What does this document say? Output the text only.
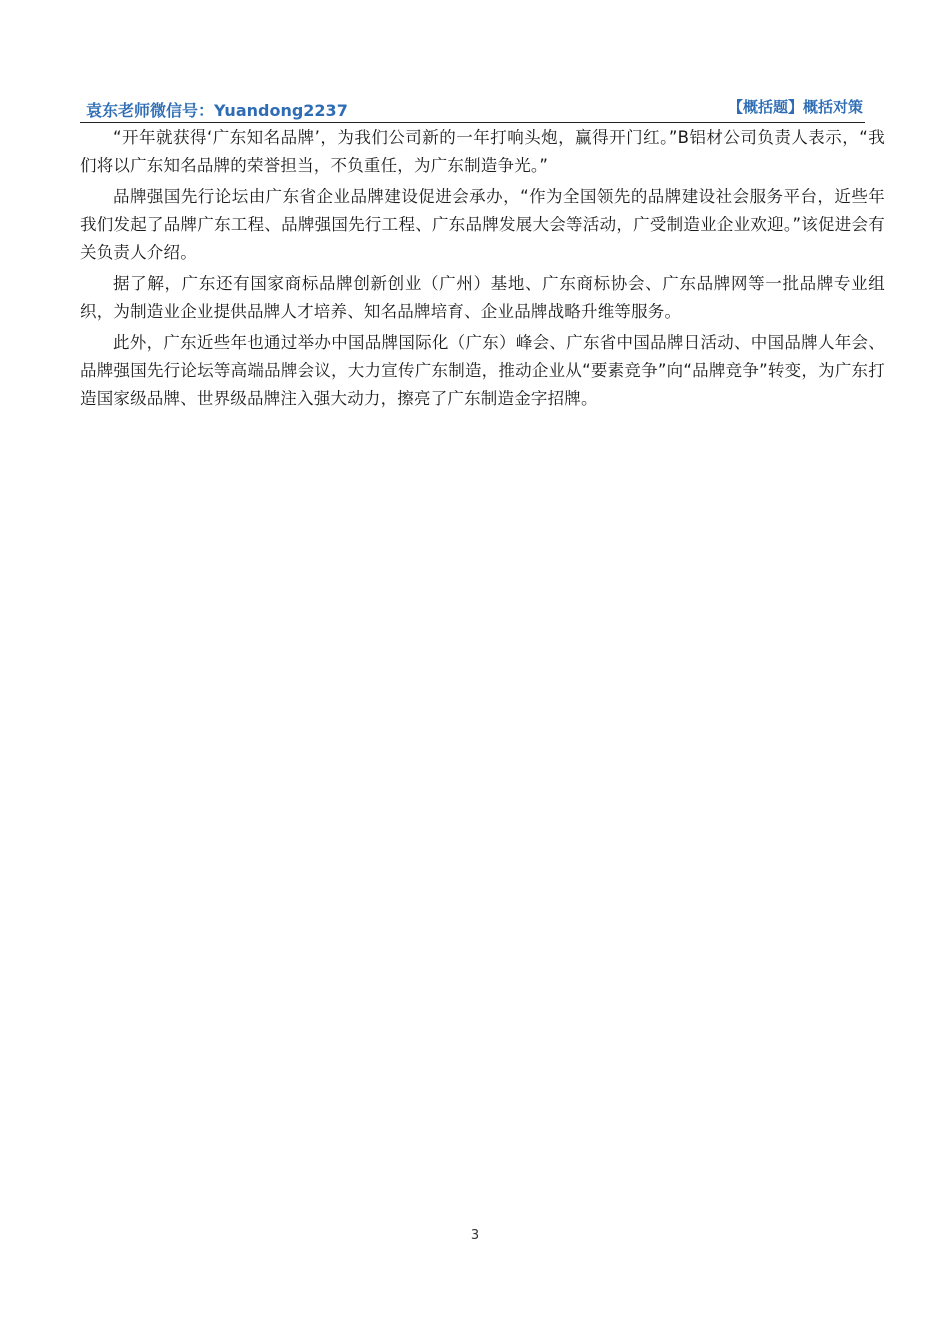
袁东老师微信号：Yuandong2237	【概括题】概括对策

“开年就获得‘广东知名品牌’，为我们公司新的一年打响头炮，赢得开门红。”B铝材公司负责人表示，“我们将以广东知名品牌的荣誉担当，不负重任，为广东制造争光。”

品牌强国先行论坛由广东省企业品牌建设促进会承办，“作为全国领先的品牌建设社会服务平台，近些年我们发起了品牌广东工程、品牌强国先行工程、广东品牌发展大会等活动，广受制造业企业欢迎。”该促进会有关负责人介绍。

据了解，广东还有国家商标品牌创新创业（广州）基地、广东商标协会、广东品牌网等一批品牌专业组织，为制造业企业提供品牌人才培养、知名品牌培育、企业品牌战略升维等服务。

此外，广东近些年也通过举办中国品牌国际化（广东）峰会、广东省中国品牌日活动、中国品牌人年会、品牌强国先行论坛等高端品牌会议，大力宣传广东制造，推动企业从“要素竞争”向“品牌竞争”转变，为广东打造国家级品牌、世界级品牌注入强大动力，擦亮了广东制造金字招牌。

3
